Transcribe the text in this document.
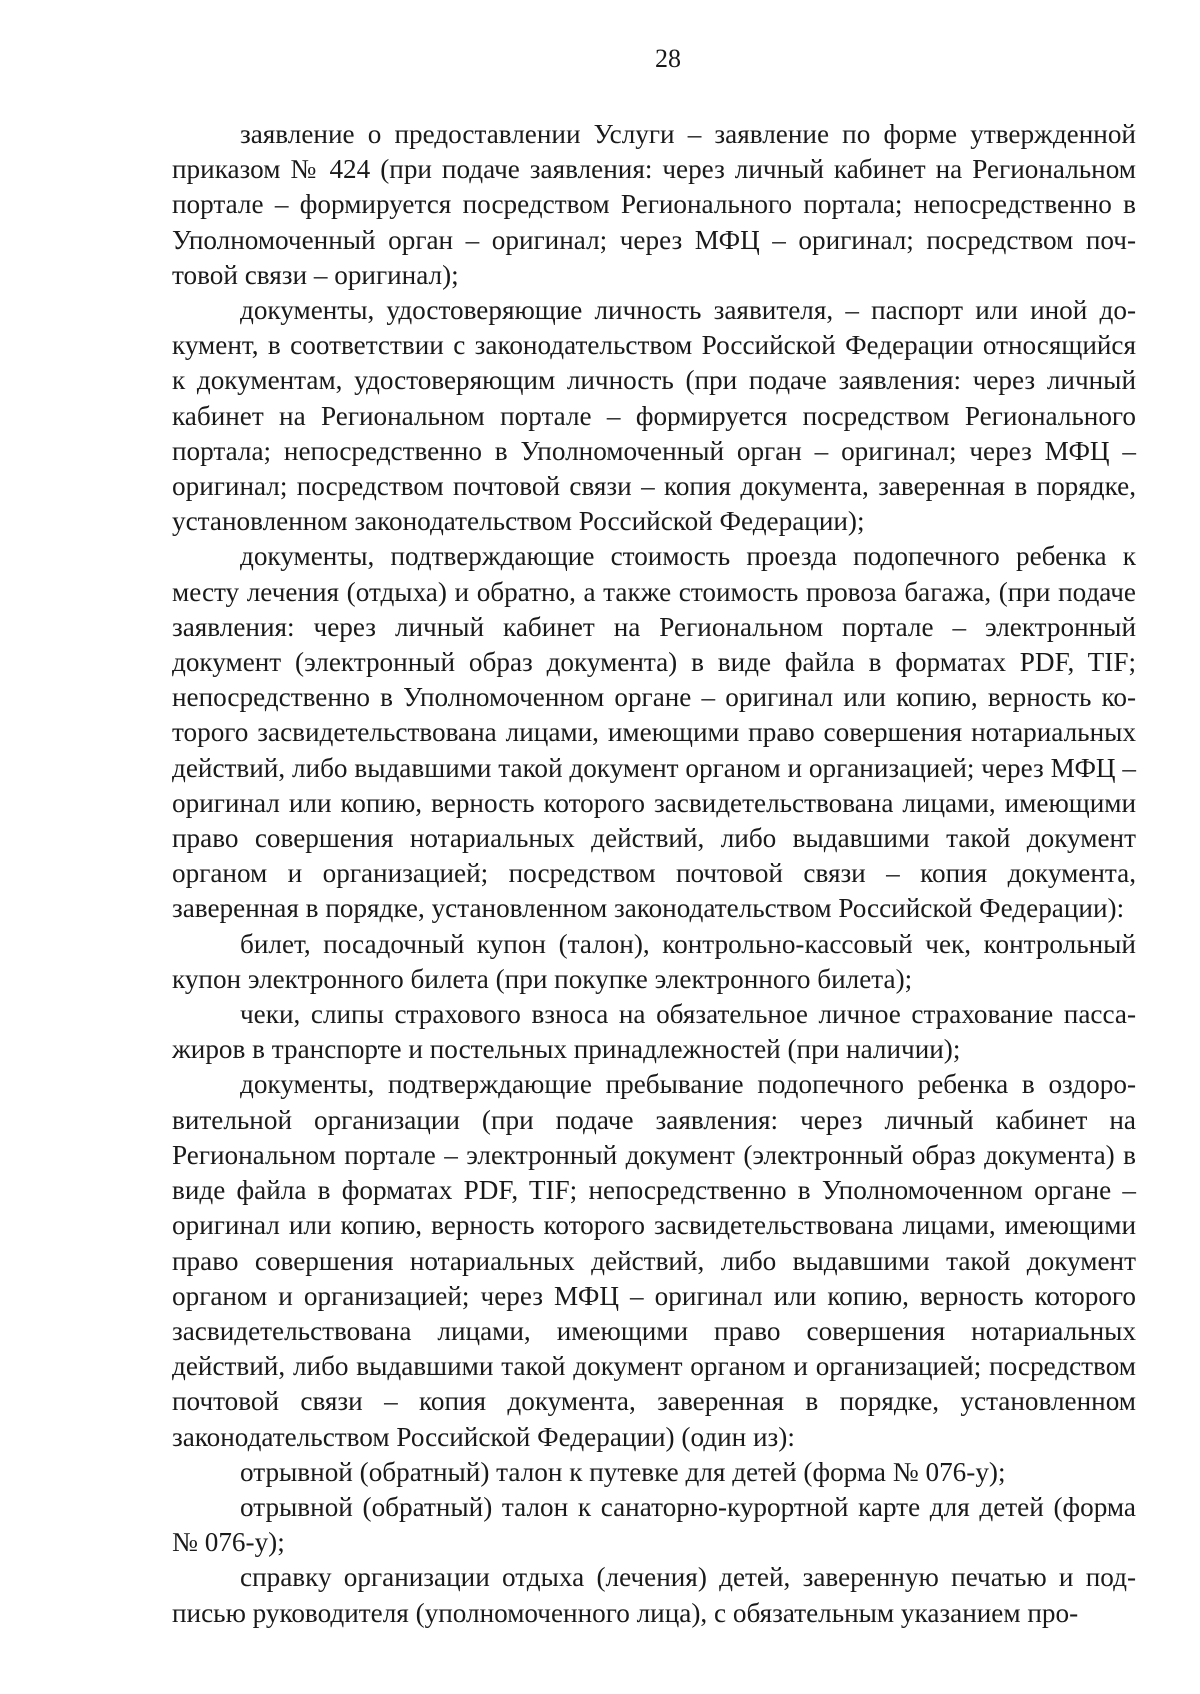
28

заявление о предоставлении Услуги – заявление по форме утвержденной приказом № 424 (при подаче заявления: через личный кабинет на Региональном портале – формируется посредством Регионального портала; непосредственно в Уполномоченный орган – оригинал; через МФЦ – оригинал; посредством почтовой связи – оригинал);

документы, удостоверяющие личность заявителя, – паспорт или иной документ, в соответствии с законодательством Российской Федерации относящийся к документам, удостоверяющим личность (при подаче заявления: через личный кабинет на Региональном портале – формируется посредством Регионального портала; непосредственно в Уполномоченный орган – оригинал; через МФЦ – оригинал; посредством почтовой связи – копия документа, заверенная в порядке, установленном законодательством Российской Федерации);

документы, подтверждающие стоимость проезда подопечного ребенка к месту лечения (отдыха) и обратно, а также стоимость провоза багажа, (при подаче заявления: через личный кабинет на Региональном портале – электронный документ (электронный образ документа) в виде файла в форматах PDF, TIF; непосредственно в Уполномоченном органе – оригинал или копию, верность которого засвидетельствована лицами, имеющими право совершения нотариальных действий, либо выдавшими такой документ органом и организацией; через МФЦ – оригинал или копию, верность которого засвидетельствована лицами, имеющими право совершения нотариальных действий, либо выдавшими такой документ органом и организацией; посредством почтовой связи – копия документа, заверенная в порядке, установленном законодательством Российской Федерации):

билет, посадочный купон (талон), контрольно-кассовый чек, контрольный купон электронного билета (при покупке электронного билета);

чеки, слипы страхового взноса на обязательное личное страхование пассажиров в транспорте и постельных принадлежностей (при наличии);

документы, подтверждающие пребывание подопечного ребенка в оздоровительной организации (при подаче заявления: через личный кабинет на Региональном портале – электронный документ (электронный образ документа) в виде файла в форматах PDF, TIF; непосредственно в Уполномоченном органе – оригинал или копию, верность которого засвидетельствована лицами, имеющими право совершения нотариальных действий, либо выдавшими такой документ органом и организацией; через МФЦ – оригинал или копию, верность которого засвидетельствована лицами, имеющими право совершения нотариальных действий, либо выдавшими такой документ органом и организацией; посредством почтовой связи – копия документа, заверенная в порядке, установленном законодательством Российской Федерации) (один из):

отрывной (обратный) талон к путевке для детей (форма № 076-у);

отрывной (обратный) талон к санаторно-курортной карте для детей (форма № 076-у);

справку организации отдыха (лечения) детей, заверенную печатью и подписью руководителя (уполномоченного лица), с обязательным указанием про-
